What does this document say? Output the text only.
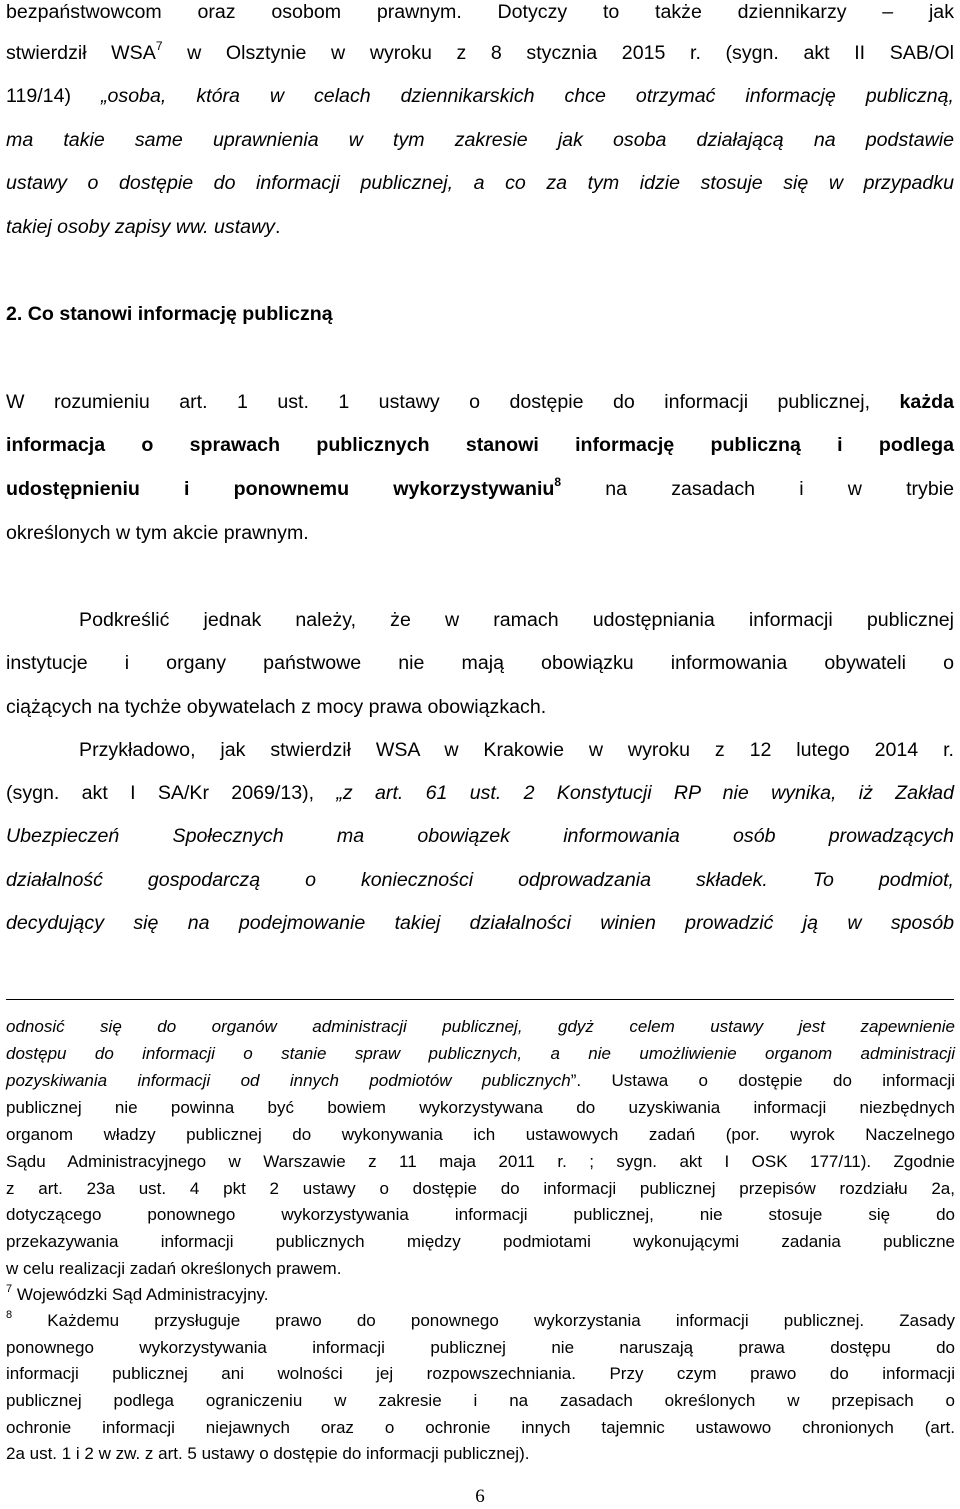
bezpaństwowcom oraz osobom prawnym. Dotyczy to także dziennikarzy – jak
stwierdził WSA$^7$ w Olsztynie w wyroku z 8 stycznia 2015 r. (sygn. akt II SAB/Ol
119/14) „osoba, która w celach dziennikarskich chce otrzymać informację publiczną,
ma takie same uprawnienia w tym zakresie jak osoba działającą na podstawie
ustawy o dostępie do informacji publicznej, a co za tym idzie stosuje się w przypadku
takiej osoby zapisy ww. ustawy.
2. Co stanowi informację publiczną
W rozumieniu art. 1 ust. 1 ustawy o dostępie do informacji publicznej, każda
informacja o sprawach publicznych stanowi informację publiczną i podlega
udostępnieniu i ponownemu wykorzystywaniu$^8$ na zasadach i w trybie
określonych w tym akcie prawnym.
Podkreślić jednak należy, że w ramach udostępniania informacji publicznej
instytucje i organy państwowe nie mają obowiązku informowania obywateli o
ciążących na tychże obywatelach z mocy prawa obowiązkach.
Przykładowo, jak stwierdził WSA w Krakowie w wyroku z 12 lutego 2014 r.
(sygn. akt I SA/Kr 2069/13), „z art. 61 ust. 2 Konstytucji RP nie wynika, iż Zakład
Ubezpieczeń Społecznych ma obowiązek informowania osób prowadzących
działalność gospodarczą o konieczności odprowadzania składek. To podmiot,
decydujący się na podejmowanie takiej działalności winien prowadzić ją w sposób
odnosić się do organów administracji publicznej, gdyż celem ustawy jest zapewnienie
dostępu do informacji o stanie spraw publicznych, a nie umożliwienie organom administracji
pozyskiwania informacji od innych podmiotów publicznych”. Ustawa o dostępie do informacji
publicznej nie powinna być bowiem wykorzystywana do uzyskiwania informacji niezbędnych
organom władzy publicznej do wykonywania ich ustawowych zadań (por. wyrok Naczelnego
Sądu Administracyjnego w Warszawie z 11 maja 2011 r. ; sygn. akt I OSK 177/11). Zgodnie
z art. 23a ust. 4 pkt 2 ustawy o dostępie do informacji publicznej przepisów rozdziału 2a,
dotyczącego ponownego wykorzystywania informacji publicznej, nie stosuje się do
przekazywania informacji publicznych między podmiotami wykonującymi zadania publiczne
w celu realizacji zadań określonych prawem.
$^7$ Wojewódzki Sąd Administracyjny.
$^8$ Każdemu przysługuje prawo do ponownego wykorzystania informacji publicznej. Zasady
ponownego wykorzystywania informacji publicznej nie naruszają prawa dostępu do
informacji publicznej ani wolności jej rozpowszechniania. Przy czym prawo do informacji
publicznej podlega ograniczeniu w zakresie i na zasadach określonych w przepisach o
ochronie informacji niejawnych oraz o ochronie innych tajemnic ustawowo chronionych (art.
2a ust. 1 i 2 w zw. z art. 5 ustawy o dostępie do informacji publicznej).
6
